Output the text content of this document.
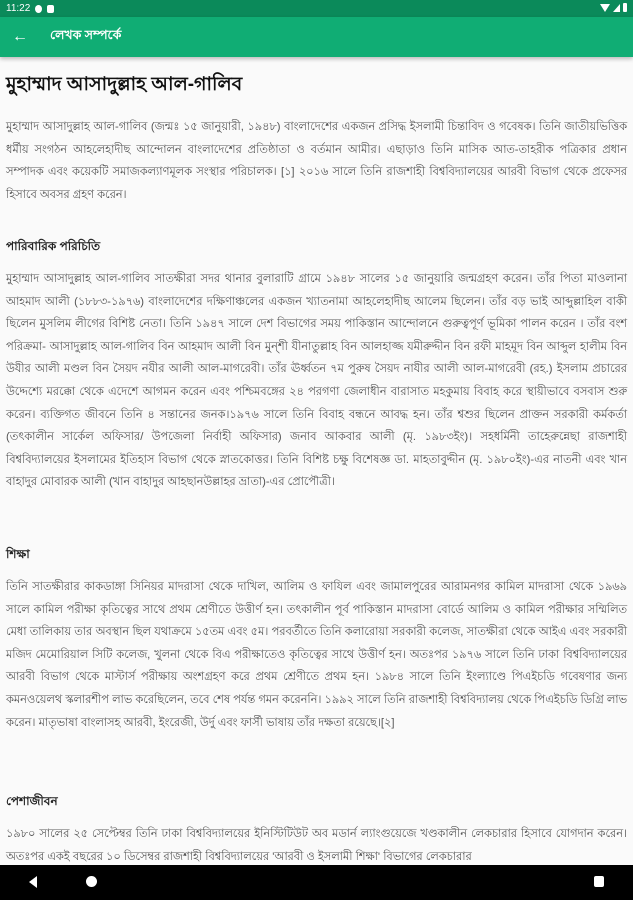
11:22
←	লেখক সম্পর্কে
মুহাম্মাদ আসাদুল্লাহ আল-গালিব

মুহাম্মাদ আসাদুল্লাহ আল-গালিব (জন্মঃ ১৫ জানুয়ারী, ১৯৪৮) বাংলাদেশের একজন প্রসিদ্ধ ইসলামী চিন্তাবিদ ও গবেষক। তিনি জাতীয়ভিত্তিক ধর্মীয় সংগঠন আহলেহাদীছ আন্দোলন বাংলাদেশের প্রতিষ্ঠাতা ও বর্তমান আমীর। এছাড়াও তিনি মাসিক আত-তাহরীক পত্রিকার প্রধান সম্পাদক এবং কয়েকটি সমাজকল্যাণমূলক সংস্থার পরিচালক। [১] ২০১৬ সালে তিনি রাজশাহী বিশ্ববিদ্যালয়ের আরবী বিভাগ থেকে প্রফেসর হিসাবে অবসর গ্রহণ করেন।

পারিবারিক পরিচিতি

মুহাম্মাদ আসাদুল্লাহ আল-গালিব সাতক্ষীরা সদর থানার বুলারাটি গ্রামে ১৯৪৮ সালের ১৫ জানুয়ারি জন্মগ্রহণ করেন। তাঁর পিতা মাওলানা আহমাদ আলী (১৮৮৩-১৯৭৬) বাংলাদেশের দক্ষিণাঞ্চলের একজন খ্যাতনামা আহলেহাদীছ আলেম ছিলেন। তাঁর বড় ভাই আব্দুল্লাহিল বাকী ছিলেন মুসলিম লীগের বিশিষ্ট নেতা। তিনি ১৯৪৭ সালে দেশ বিভাগের সময় পাকিস্তান আন্দোলনে গুরুত্বপূর্ণ ভূমিকা পালন করেন । তাঁর বংশ পরিক্রমা- আসাদুল্লাহ আল-গালিব বিন আহমাদ আলী বিন মুন্শী যীনাতুল্লাহ বিন আলহাজ্জ যমীরুদ্দীন বিন রফী মাহমূদ বিন আব্দুল হালীম বিন উযীর আলী মণ্ডল বিন সৈয়দ নযীর আলী আল-মাগরেবী। তাঁর ঊর্ধ্বতন ৭ম পুরুষ সৈয়দ নাযীর আলী আল-মাগরেবী (রহ.) ইসলাম প্রচারের উদ্দেশ্যে মরক্কো থেকে এদেশে আগমন করেন এবং পশ্চিমবঙ্গের ২৪ পরগণা জেলাধীন বারাসাত মহকুমায় বিবাহ করে স্থায়ীভাবে বসবাস শুরু করেন। ব্যক্তিগত জীবনে তিনি ৪ সন্তানের জনক।১৯৭৬ সালে তিনি বিবাহ বন্ধনে আবদ্ধ হন। তাঁর শ্বশুর ছিলেন প্রাক্তন সরকারী কর্মকর্তা (তৎকালীন সার্কেল অফিসার/ উপজেলা নির্বাহী অফিসার) জনাব আকবার আলী (মৃ. ১৯৮৩ইং)। সহধর্মিনী তাহেরুন্নেছা রাজশাহী বিশ্ববিদ্যালয়ের ইসলামের ইতিহাস বিভাগ থেকে স্নাতকোত্তর। তিনি বিশিষ্ট চক্ষু বিশেষজ্ঞ ডা. মাহতাবুদ্দীন (মৃ. ১৯৮০ইং)-এর নাতনী এবং খান বাহাদুর মোবারক আলী (খান বাহাদুর আহছানউল্লাহর ভ্রাতা)-এর প্রোপৌত্রী।

শিক্ষা

তিনি সাতক্ষীরার কাকডাঙ্গা সিনিয়র মাদরাসা থেকে দাখিল, আলিম ও ফাযিল এবং জামালপুরের আরামনগর কামিল মাদরাসা থেকে ১৯৬৯ সালে কামিল পরীক্ষা কৃতিত্বের সাথে প্রথম শ্রেণীতে উত্তীর্ণ হন। তৎকালীন পূর্ব পাকিস্তান মাদরাসা বোর্ডে আলিম ও কামিল পরীক্ষার সম্মিলিত মেধা তালিকায় তার অবস্থান ছিল যথাক্রমে ১৫তম এবং ৫ম। পরবর্তীতে তিনি কলারোয়া সরকারী কলেজ, সাতক্ষীরা থেকে আইএ এবং সরকারী মজিদ মেমোরিয়াল সিটি কলেজ, খুলনা থেকে বিএ পরীক্ষাতেও কৃতিত্বের সাথে উত্তীর্ণ হন। অতঃপর ১৯৭৬ সালে তিনি ঢাকা বিশ্ববিদ্যালয়ের আরবী বিভাগ থেকে মাস্টার্স পরীক্ষায় অংশগ্রহণ করে প্রথম শ্রেণীতে প্রথম হন। ১৯৮৪ সালে তিনি ইংল্যাণ্ডে পিএইচডি গবেষণার জন্য কমনওয়েলথ স্কলারশীপ লাভ করেছিলেন, তবে শেষ পর্যন্ত গমন করেননি। ১৯৯২ সালে তিনি রাজশাহী বিশ্ববিদ্যালয় থেকে পিএইচডি ডিগ্রি লাভ করেন। মাতৃভাষা বাংলাসহ আরবী, ইংরেজী, উর্দু এবং ফার্সী ভাষায় তাঁর দক্ষতা রয়েছে।[২]

পেশাজীবন

১৯৮০ সালের ২৫ সেপ্টেম্বর তিনি ঢাকা বিশ্ববিদ্যালয়ের ইনিস্টিটিউট অব মডার্ন ল্যাংগুয়েজে খণ্ডকালীন লেকচারার হিসাবে যোগদান করেন। অতঃপর একই বছরের ১০ ডিসেম্বর রাজশাহী বিশ্ববিদ্যালয়ের 'আরবী ও ইসলামী শিক্ষা' বিভাগের লেকচারার
